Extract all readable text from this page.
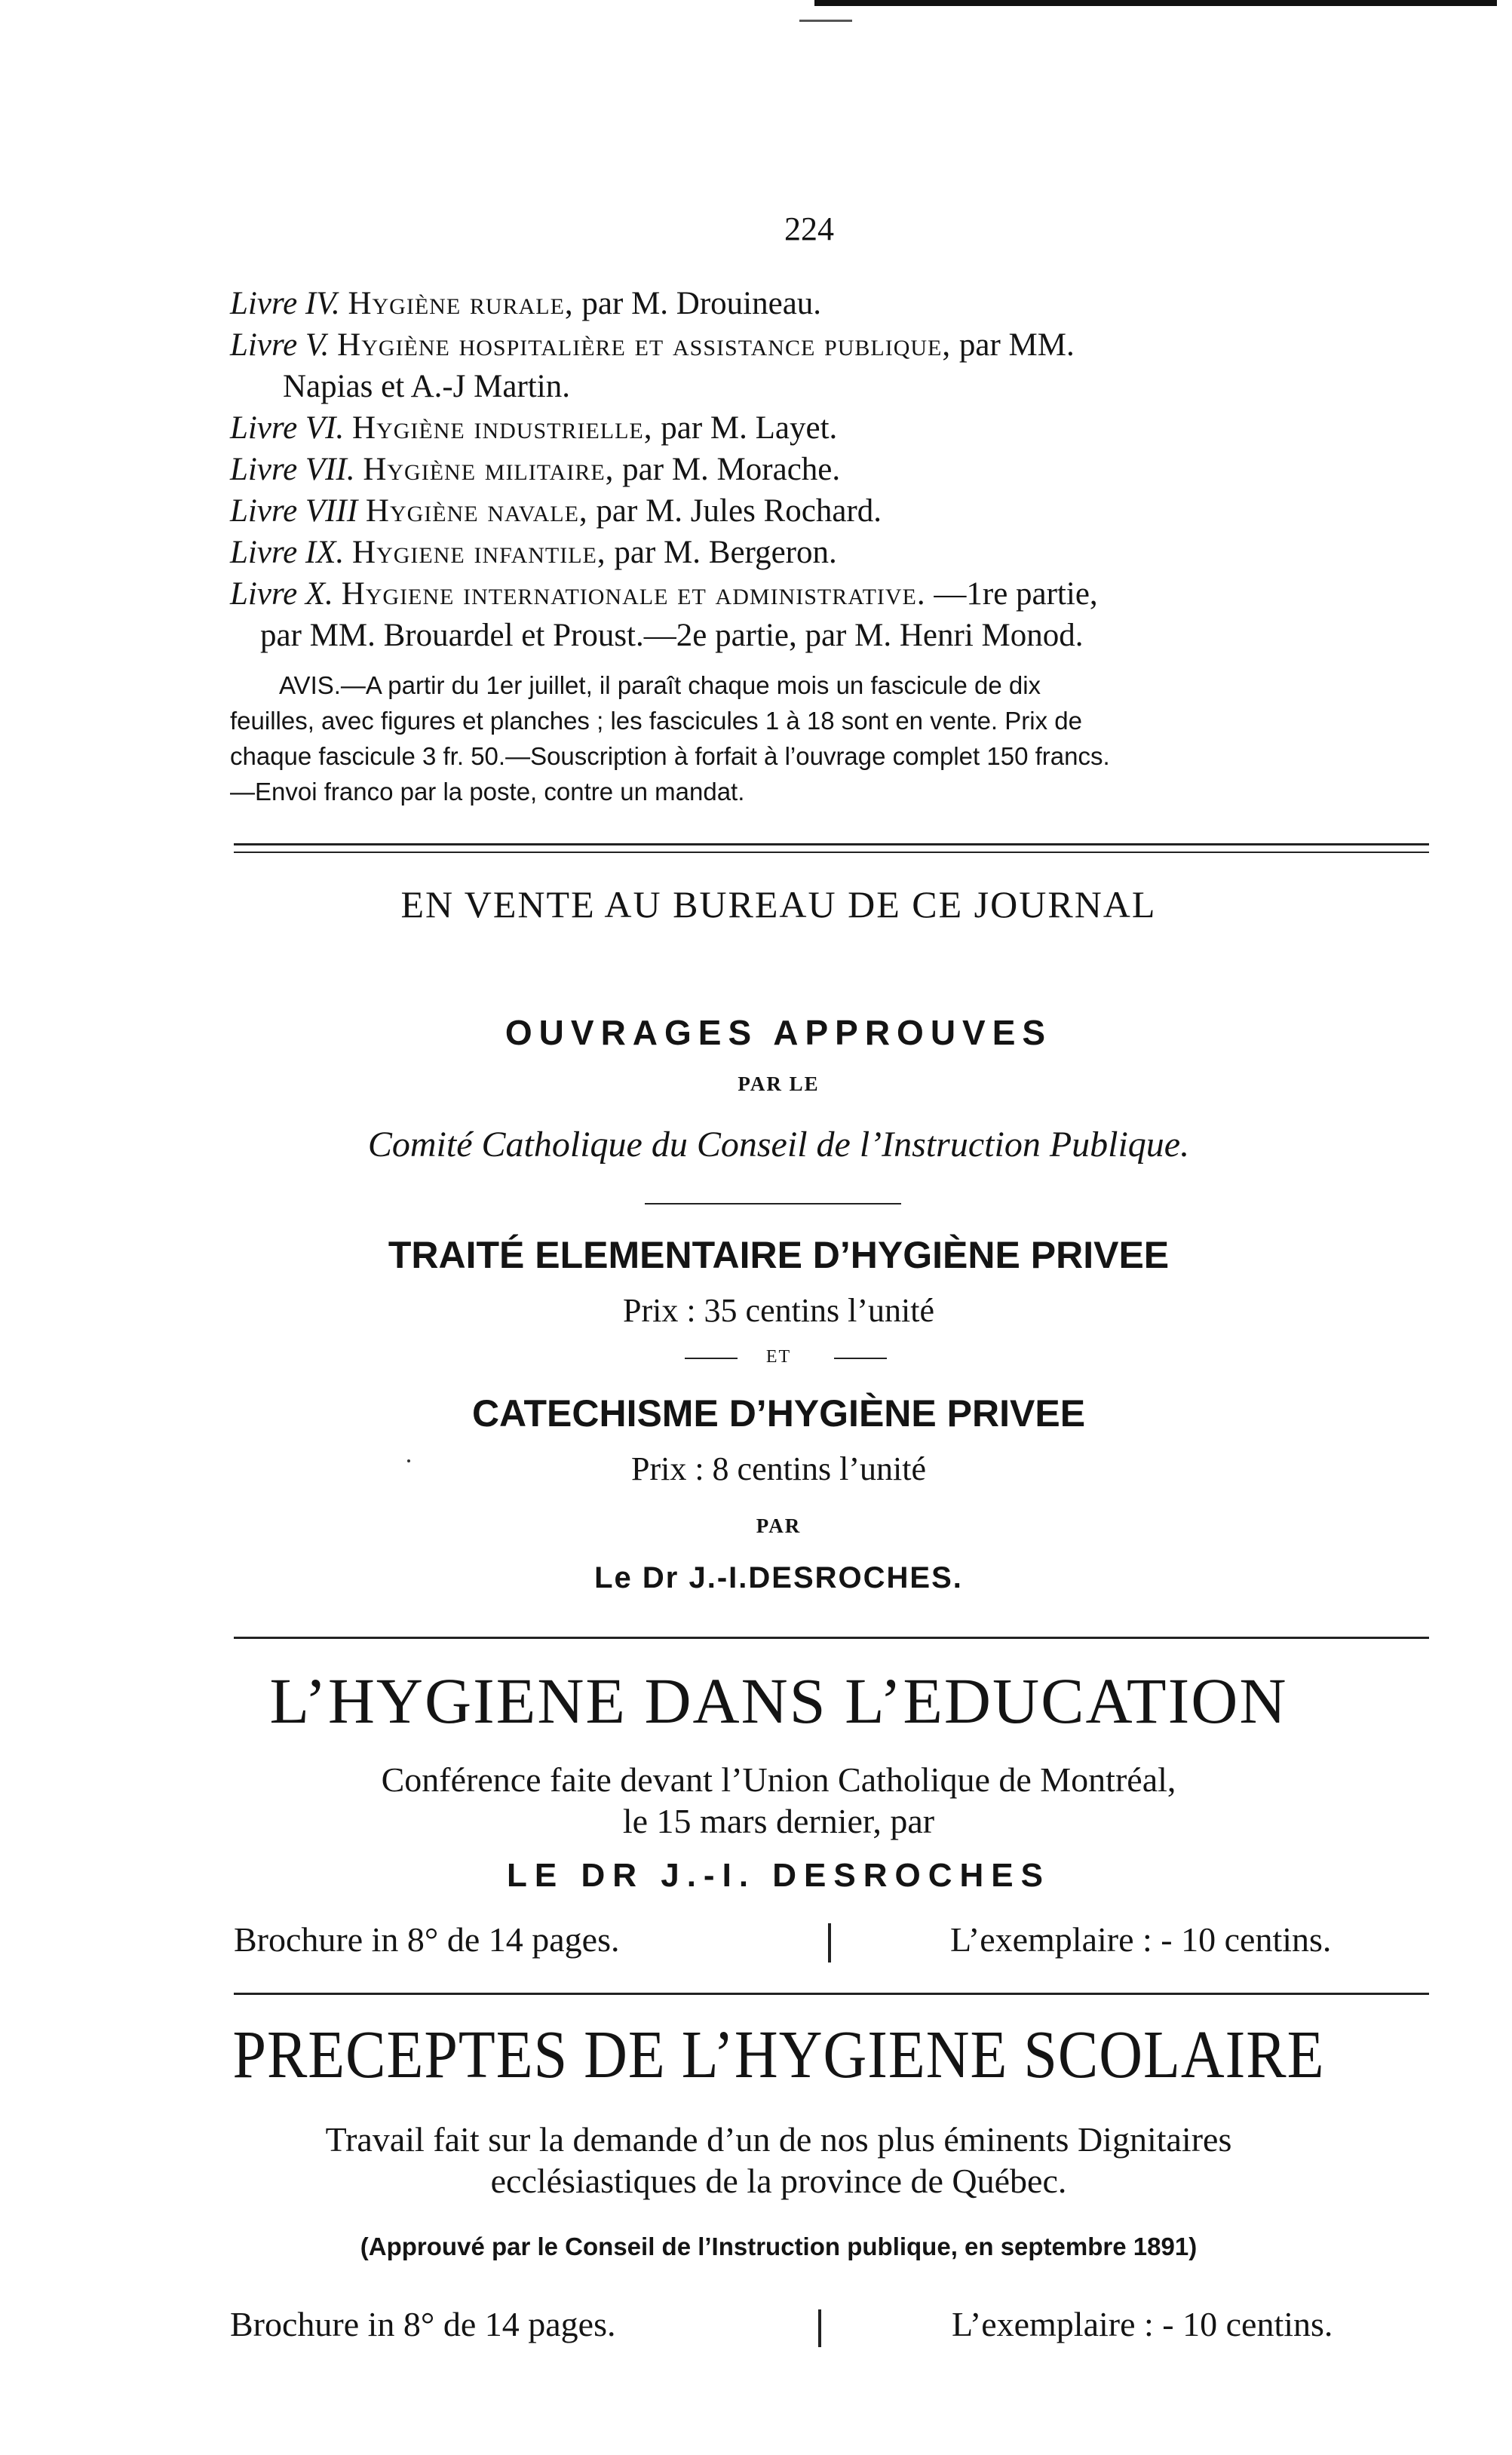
224
Livre IV. Hygiène rurale, par M. Drouineau.
Livre V. Hygiène hospitalière et assistance publique, par MM.
Napias et A.-J Martin.
Livre VI. Hygiène industrielle, par M. Layet.
Livre VII. Hygiène militaire, par M. Morache.
Livre VIII Hygiène navale, par M. Jules Rochard.
Livre IX. Hygiene infantile, par M. Bergeron.
Livre X. Hygiene internationale et administrative. —1re partie,
par MM. Brouardel et Proust.—2e partie, par M. Henri Monod.
AVIS.—A partir du 1er juillet, il paraît chaque mois un fascicule de dix
feuilles, avec figures et planches ; les fascicules 1 à 18 sont en vente. Prix de
chaque fascicule 3 fr. 50.—Souscription à forfait à l’ouvrage complet 150 francs.
—Envoi franco par la poste, contre un mandat.
EN VENTE AU BUREAU DE CE JOURNAL
OUVRAGES APPROUVES
PAR LE
Comité Catholique du Conseil de l’Instruction Publique.
TRAITÉ ELEMENTAIRE D’HYGIÈNE PRIVEE
Prix : 35 centins l’unité
ET
CATECHISME D’HYGIÈNE PRIVEE
Prix : 8 centins l’unité
PAR
Le Dr J.-I.DESROCHES.
L’HYGIENE DANS L’EDUCATION
Conférence faite devant l’Union Catholique de Montréal,
le 15 mars dernier, par
LE DR J.-I. DESROCHES
Brochure in 8° de 14 pages.	L’exemplaire : - 10 centins.
PRECEPTES DE L’HYGIENE SCOLAIRE
Travail fait sur la demande d’un de nos plus éminents Dignitaires
ecclésiastiques de la province de Québec.
(Approuvé par le Conseil de l’Instruction publique, en septembre 1891)
Brochure in 8° de 14 pages.	L’exemplaire : - 10 centins.
